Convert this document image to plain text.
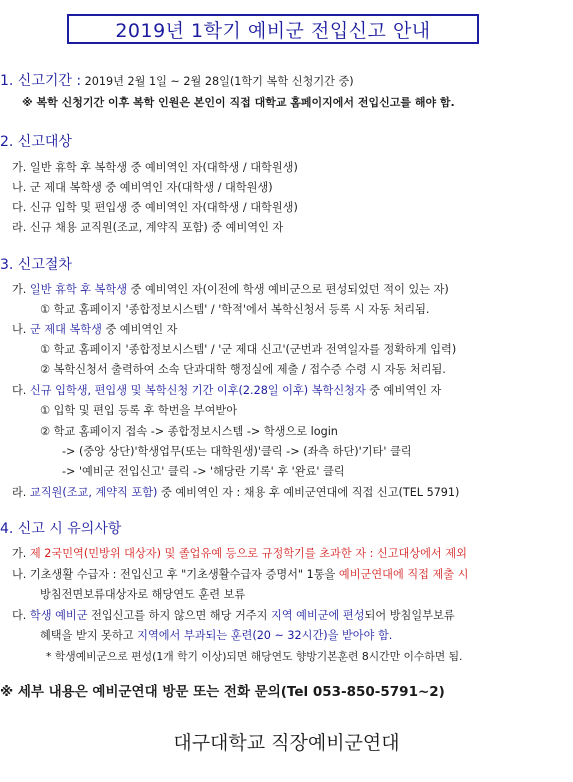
2019년 1학기 예비군 전입신고 안내
1. 신고기간 : 2019년 2월 1일 ~ 2월 28일(1학기 복학 신청기간 중)
※ 복학 신청기간 이후 복학 인원은 본인이 직접 대학교 홈페이지에서 전입신고를 해야 함.
2. 신고대상
가. 일반 휴학 후 복학생 중 예비역인 자(대학생 / 대학원생)
나. 군 제대 복학생 중 예비역인 자(대학생 / 대학원생)
다. 신규 입학 및 편입생 중 예비역인 자(대학생 / 대학원생)
라. 신규 채용 교직원(조교, 계약직 포함) 중 예비역인 자
3. 신고절차
가. 일반 휴학 후 복학생 중 예비역인 자(이전에 학생 예비군으로 편성되었던 적이 있는 자)
① 학교 홈페이지 '종합정보시스템' / '학적'에서 복학신청서 등록 시 자동 처리됨.
나. 군 제대 복학생 중 예비역인 자
① 학교 홈페이지 '종합정보시스템' / '군 제대 신고'(군번과 전역일자를 정확하게 입력)
② 복학신청서 출력하여 소속 단과대학 행정실에 제출 / 접수증 수령 시 자동 처리됨.
다. 신규 입학생, 편입생 및 복학신청 기간 이후(2.28일 이후) 복학신청자 중 예비역인 자
① 입학 및 편입 등록 후 학번을 부여받아
② 학교 홈페이지 접속 -> 종합정보시스템 -> 학생으로 login
-> (중앙 상단)'학생업무(또는 대학원생)'클릭 -> (좌측 하단)'기타' 클릭
-> '예비군 전입신고' 클릭 -> '해당란 기록' 후 '완료' 클릭
라. 교직원(조교, 계약직 포함) 중 예비역인 자 : 채용 후 예비군연대에 직접 신고(TEL 5791)
4. 신고 시 유의사항
가. 제 2국민역(민방위 대상자) 및 졸업유예 등으로 규정학기를 초과한 자 : 신고대상에서 제외
나. 기초생활 수급자 : 전입신고 후 "기초생활수급자 증명서" 1통을 예비군연대에 직접 제출 시
방침전면보류대상자로 해당연도 훈련 보류
다. 학생 예비군 전입신고를 하지 않으면 해당 거주지 지역 예비군에 편성되어 방침일부보류
혜택을 받지 못하고 지역에서 부과되는 훈련(20 ~ 32시간)을 받아야 함.
* 학생예비군으로 편성(1개 학기 이상)되면 해당연도 향방기본훈련 8시간만 이수하면 됨.
※ 세부 내용은 예비군연대 방문 또는 전화 문의(Tel 053-850-5791~2)
대구대학교 직장예비군연대
